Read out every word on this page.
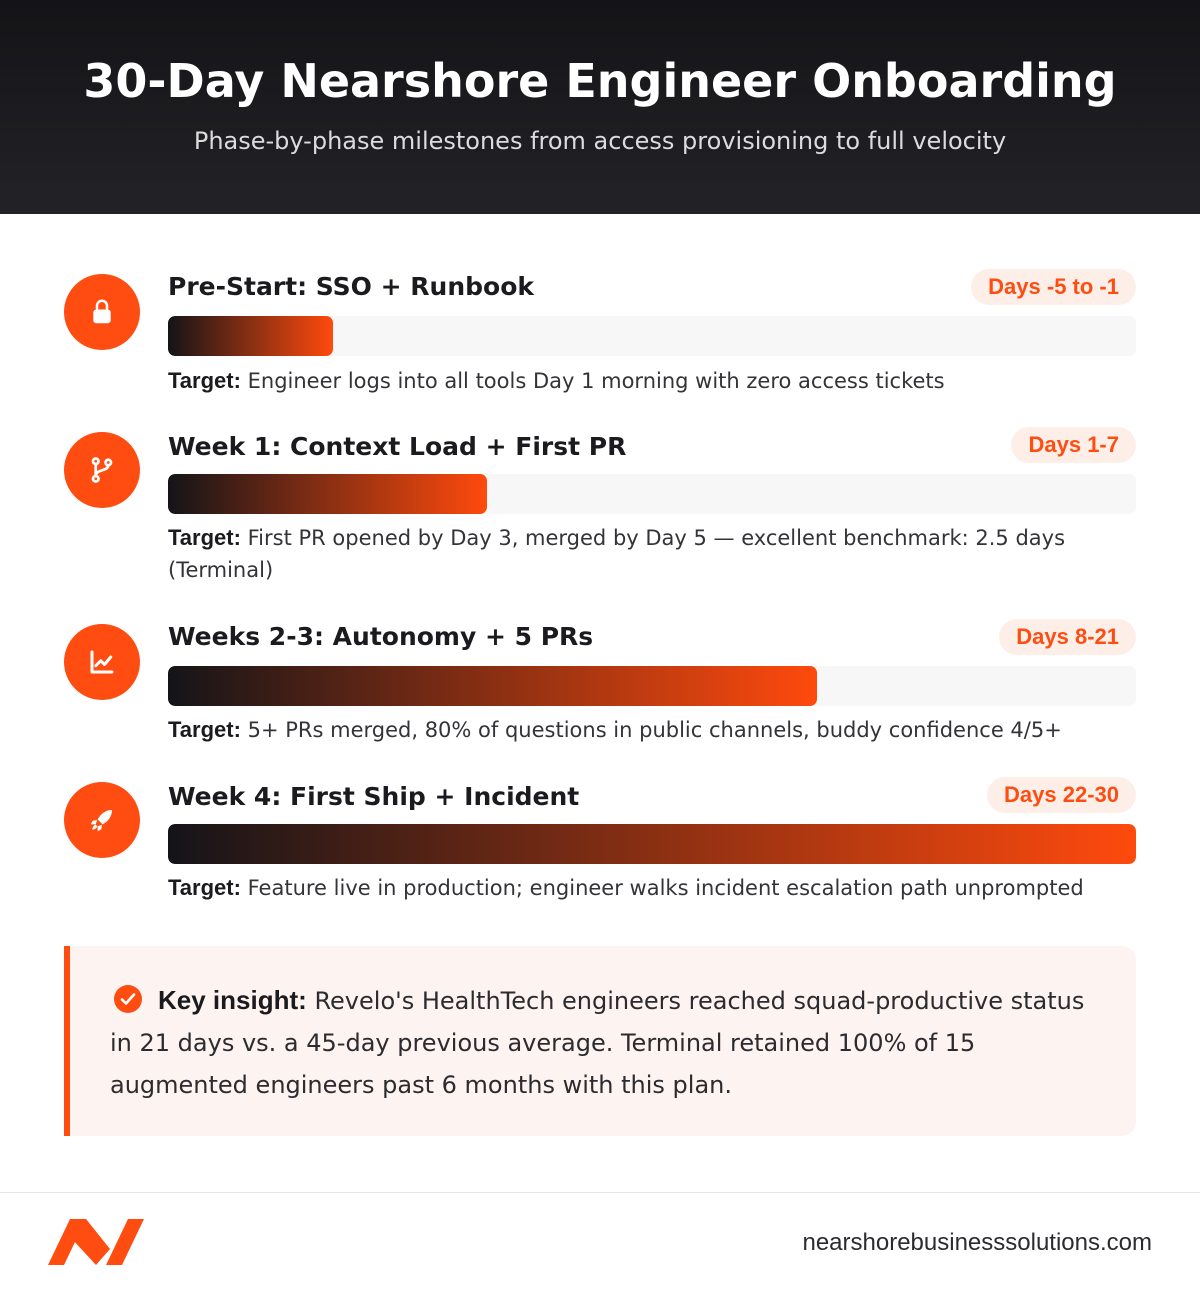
30-Day Nearshore Engineer Onboarding
Phase-by-phase milestones from access provisioning to full velocity
Pre-Start: SSO + Runbook	Days -5 to -1
Target: Engineer logs into all tools Day 1 morning with zero access tickets
Week 1: Context Load + First PR	Days 1-7
Target: First PR opened by Day 3, merged by Day 5 — excellent benchmark: 2.5 days (Terminal)
Weeks 2-3: Autonomy + 5 PRs	Days 8-21
Target: 5+ PRs merged, 80% of questions in public channels, buddy confidence 4/5+
Week 4: First Ship + Incident	Days 22-30
Target: Feature live in production; engineer walks incident escalation path unprompted
Key insight: Revelo's HealthTech engineers reached squad-productive status in 21 days vs. a 45-day previous average. Terminal retained 100% of 15 augmented engineers past 6 months with this plan.
nearshorebusinesssolutions.com
